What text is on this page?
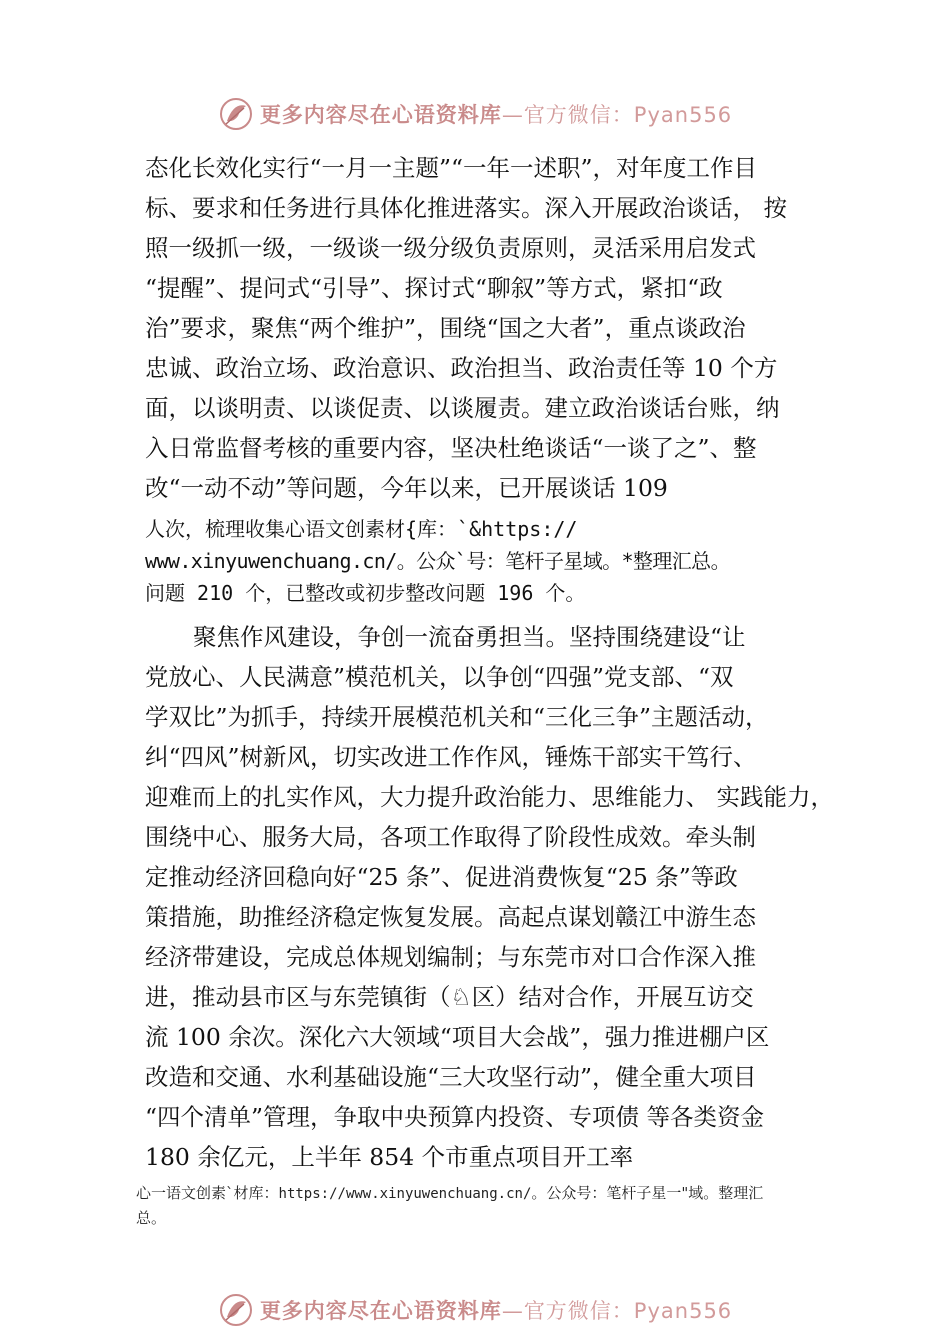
更多内容尽在心语资料库—官方微信：Pyan556
态化长效化实行“一月一主题”“一年一述职”，对年度工作目
标、要求和任务进行具体化推进落实。深入开展政治谈话， 按
照一级抓一级，一级谈一级分级负责原则，灵活采用启发式
“提醒”、提问式“引导”、探讨式“聊叙”等方式，紧扣“政
治”要求，聚焦“两个维护”，围绕“国之大者”，重点谈政治
忠诚、政治立场、政治意识、政治担当、政治责任等 10 个方
面，以谈明责、以谈促责、以谈履责。建立政治谈话台账，纳
入日常监督考核的重要内容，坚决杜绝谈话“一谈了之”、整
改“一动不动”等问题，今年以来，已开展谈话 109
人次，梳理收集心语文创素材{库：`&https://
www.xinyuwenchuang.cn/。公众`号：笔杆子星域。*整理汇总。
问题 210 个，已整改或初步整改问题 196 个。
聚焦作风建设，争创一流奋勇担当。坚持围绕建设“让
党放心、人民满意”模范机关，以争创“四强”党支部、“双
学双比”为抓手，持续开展模范机关和“三化三争”主题活动，
纠“四风”树新风，切实改进工作作风，锤炼干部实干笃行、
迎难而上的扎实作风，大力提升政治能力、思维能力、 实践能力，
围绕中心、服务大局，各项工作取得了阶段性成效。牵头制
定推动经济回稳向好“25 条”、促进消费恢复“25 条”等政
策措施，助推经济稳定恢复发展。高起点谋划赣江中游生态
经济带建设，完成总体规划编制；与东莞市对口合作深入推
进，推动县市区与东莞镇街（♘区）结对合作，开展互访交
流 100 余次。深化六大领域“项目大会战”，强力推进棚户区
改造和交通、水利基础设施“三大攻坚行动”，健全重大项目
“四个清单”管理，争取中央预算内投资、专项债 等各类资金
180 余亿元，上半年 854 个市重点项目开工率
心一语文创素`材库：https://www.xinyuwenchuang.cn/。公众号：笔杆子星一"域。整理汇
总。
更多内容尽在心语资料库—官方微信：Pyan556
